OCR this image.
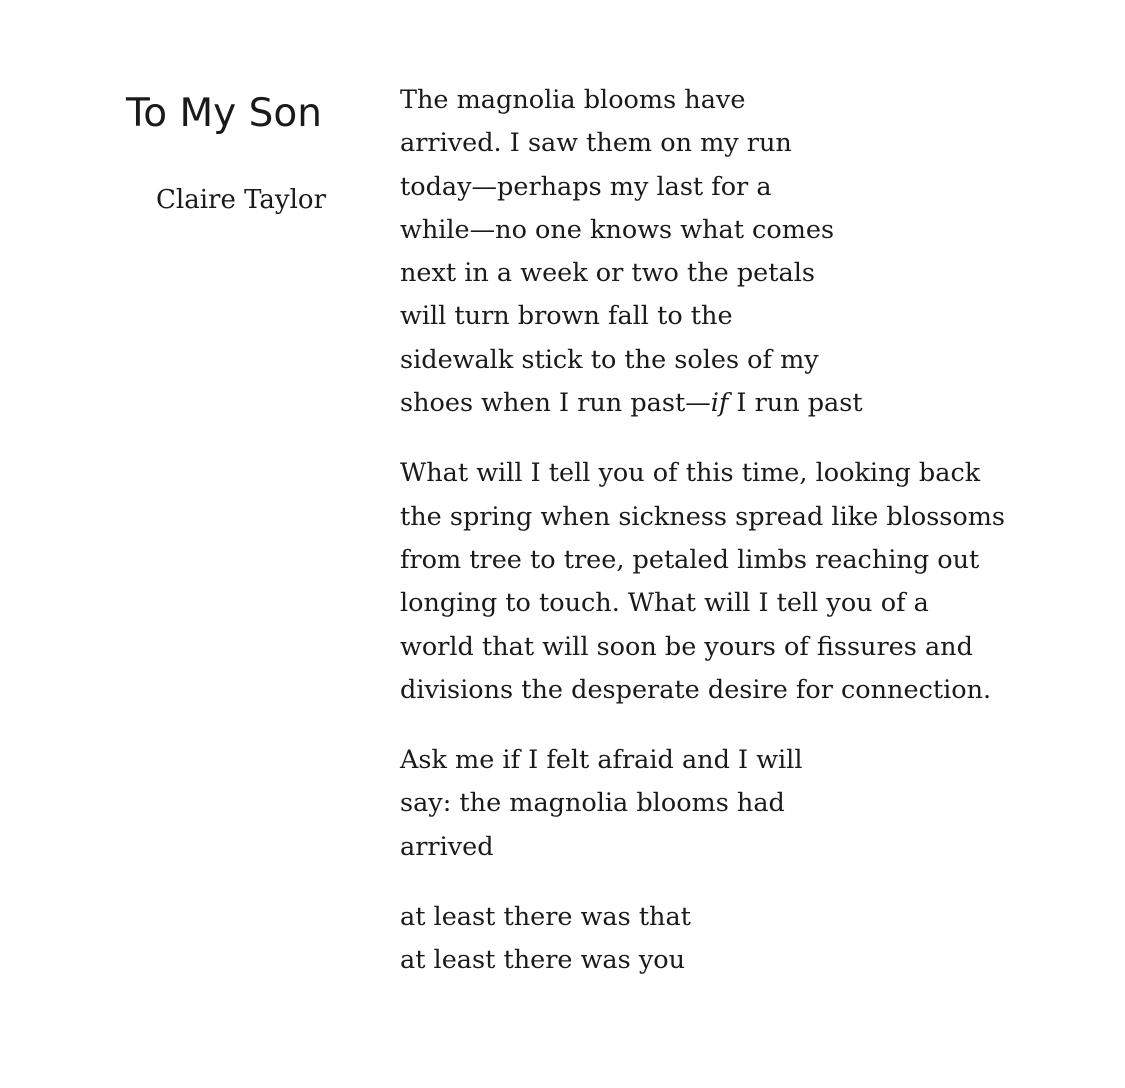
To My Son
Claire Taylor
The magnolia blooms have
arrived. I saw them on my run
today—perhaps my last for a
while—no one knows what comes
next in a week or two the petals
will turn brown fall to the
sidewalk stick to the soles of my
shoes when I run past—if I run past
What will I tell you of this time, looking back
the spring when sickness spread like blossoms
from tree to tree, petaled limbs reaching out
longing to touch. What will I tell you of a
world that will soon be yours of fissures and
divisions the desperate desire for connection.
Ask me if I felt afraid and I will
say: the magnolia blooms had
arrived
at least there was that
at least there was you
